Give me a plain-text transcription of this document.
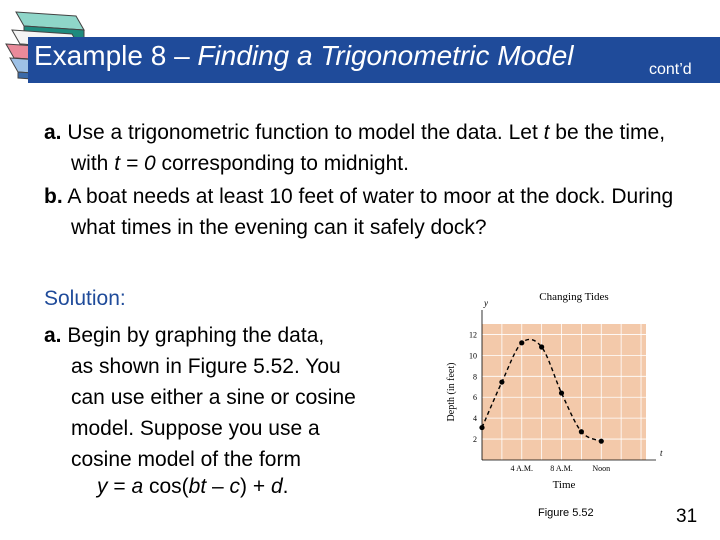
Example 8 – Finding a Trigonometric Model	cont’d
a. Use a trigonometric function to model the data. Let t be the time, with t = 0 corresponding to midnight.
b. A boat needs at least 10 feet of water to moor at the dock. During what times in the evening can it safely dock?
Solution:
a. Begin by graphing the data,
as shown in Figure 5.52. You
can use either a sine or cosine
model. Suppose you use a
cosine model of the form
y = a cos(bt – c) + d.
2
4
6
8
10
12
4 A.M. 8 A.M. Noon
y
t
Changing Tides
Time
Depth (in feet)
Figure 5.52	31
